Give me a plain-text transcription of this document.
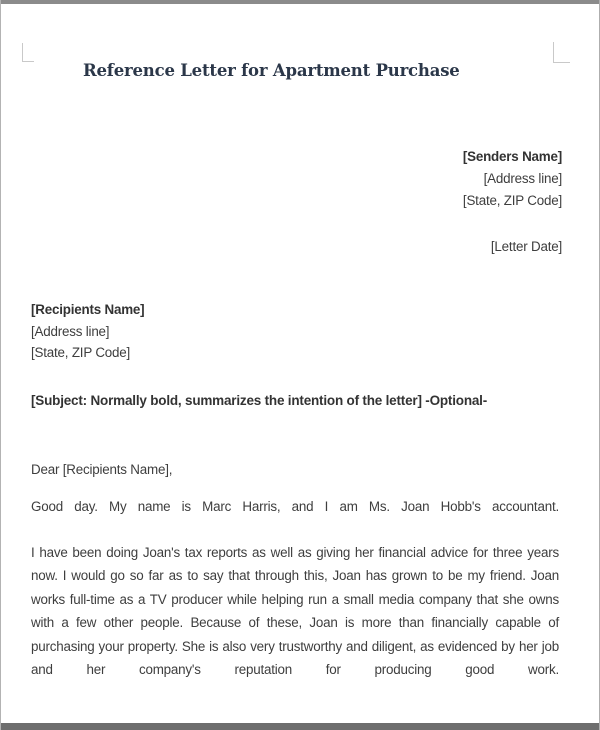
Reference Letter for Apartment Purchase
[Senders Name]
[Address line]
[State, ZIP Code]
[Letter Date]
[Recipients Name]
[Address line]
[State, ZIP Code]
[Subject: Normally bold, summarizes the intention of the letter] -Optional-
Dear [Recipients Name],

Good day. My name is Marc Harris, and I am Ms. Joan Hobb's accountant.

I have been doing Joan's tax reports as well as giving her financial advice for three years now. I would go so far as to say that through this, Joan has grown to be my friend. Joan works full-time as a TV producer while helping run a small media company that she owns with a few other people. Because of these, Joan is more than financially capable of purchasing your property. She is also very trustworthy and diligent, as evidenced by her job and her company's reputation for producing good work.
